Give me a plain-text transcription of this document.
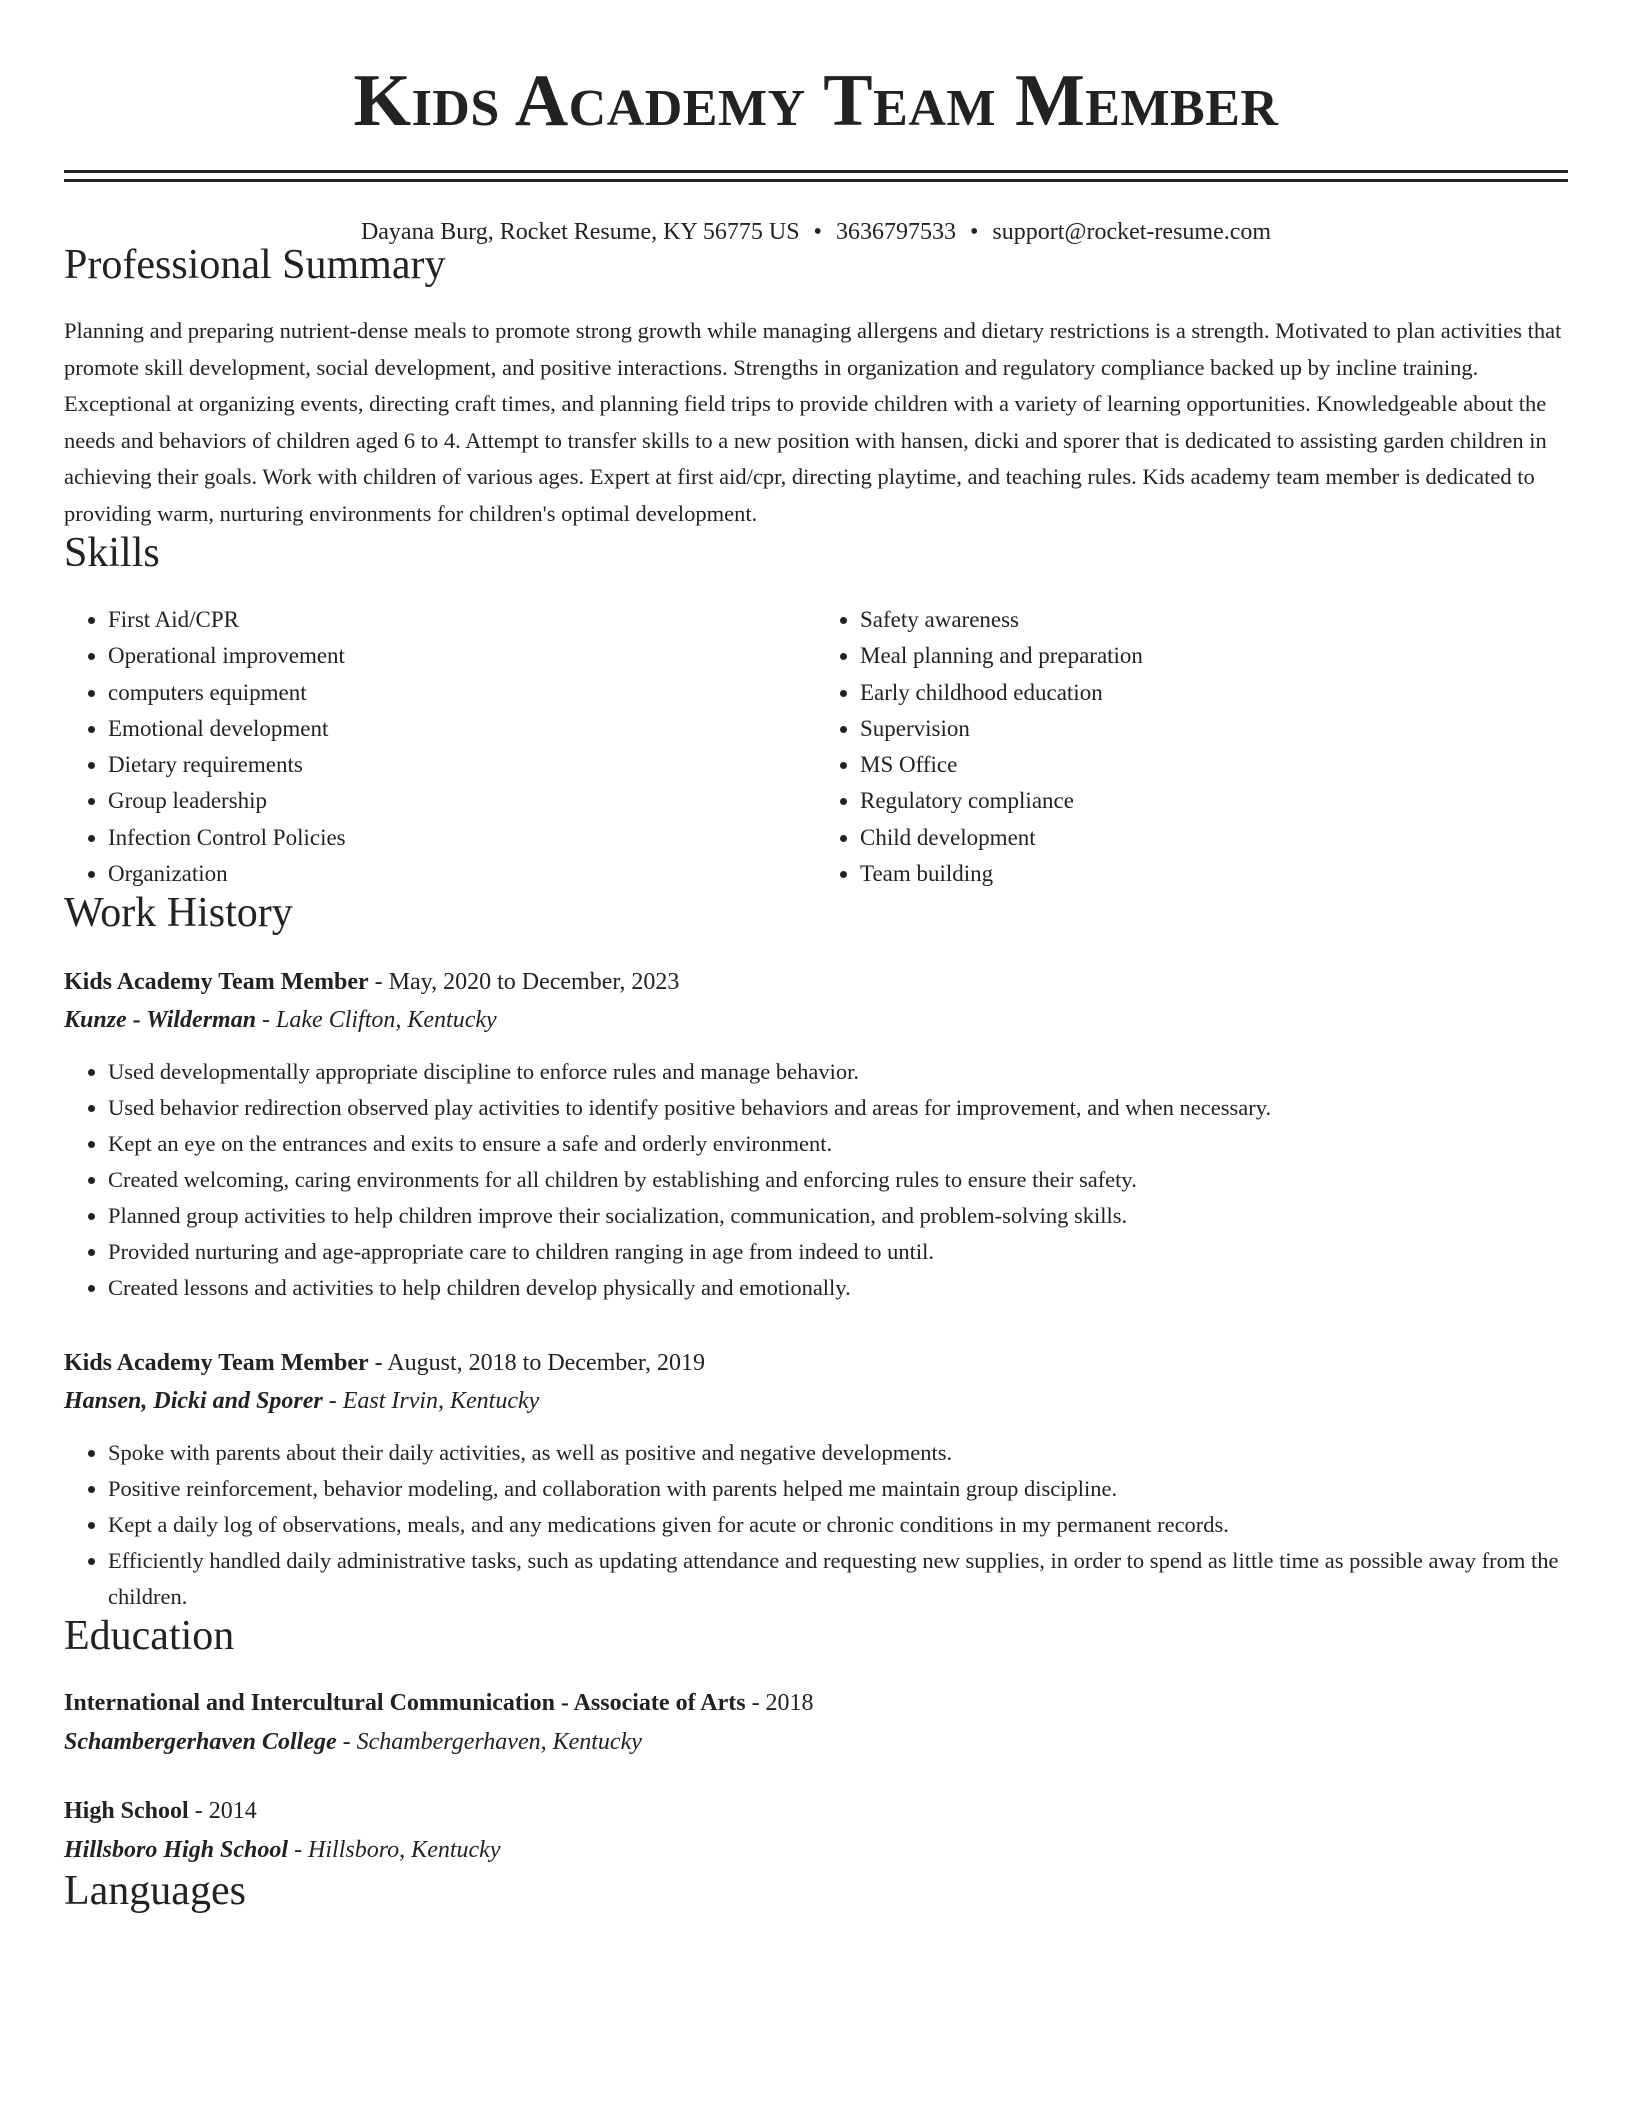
Kids Academy Team Member
Dayana Burg, Rocket Resume, KY 56775 US • 3636797533 • support@rocket-resume.com
Professional Summary

Planning and preparing nutrient-dense meals to promote strong growth while managing allergens and dietary restrictions is a strength. Motivated to plan activities that promote skill development, social development, and positive interactions. Strengths in organization and regulatory compliance backed up by incline training. Exceptional at organizing events, directing craft times, and planning field trips to provide children with a variety of learning opportunities. Knowledgeable about the needs and behaviors of children aged 6 to 4. Attempt to transfer skills to a new position with hansen, dicki and sporer that is dedicated to assisting garden children in achieving their goals. Work with children of various ages. Expert at first aid/cpr, directing playtime, and teaching rules. Kids academy team member is dedicated to providing warm, nurturing environments for children's optimal development.

Skills
• First Aid/CPR
• Operational improvement
• computers equipment
• Emotional development
• Dietary requirements
• Group leadership
• Infection Control Policies
• Organization
• Safety awareness
• Meal planning and preparation
• Early childhood education
• Supervision
• MS Office
• Regulatory compliance
• Child development
• Team building
Work History
Kids Academy Team Member - May, 2020 to December, 2023
Kunze - Wilderman - Lake Clifton, Kentucky
• Used developmentally appropriate discipline to enforce rules and manage behavior.
• Used behavior redirection observed play activities to identify positive behaviors and areas for improvement, and when necessary.
• Kept an eye on the entrances and exits to ensure a safe and orderly environment.
• Created welcoming, caring environments for all children by establishing and enforcing rules to ensure their safety.
• Planned group activities to help children improve their socialization, communication, and problem-solving skills.
• Provided nurturing and age-appropriate care to children ranging in age from indeed to until.
• Created lessons and activities to help children develop physically and emotionally.
Kids Academy Team Member - August, 2018 to December, 2019
Hansen, Dicki and Sporer - East Irvin, Kentucky
• Spoke with parents about their daily activities, as well as positive and negative developments.
• Positive reinforcement, behavior modeling, and collaboration with parents helped me maintain group discipline.
• Kept a daily log of observations, meals, and any medications given for acute or chronic conditions in my permanent records.
• Efficiently handled daily administrative tasks, such as updating attendance and requesting new supplies, in order to spend as little time as possible away from the children.
Education
International and Intercultural Communication - Associate of Arts - 2018
Schambergerhaven College - Schambergerhaven, Kentucky
High School - 2014
Hillsboro High School - Hillsboro, Kentucky
Languages
